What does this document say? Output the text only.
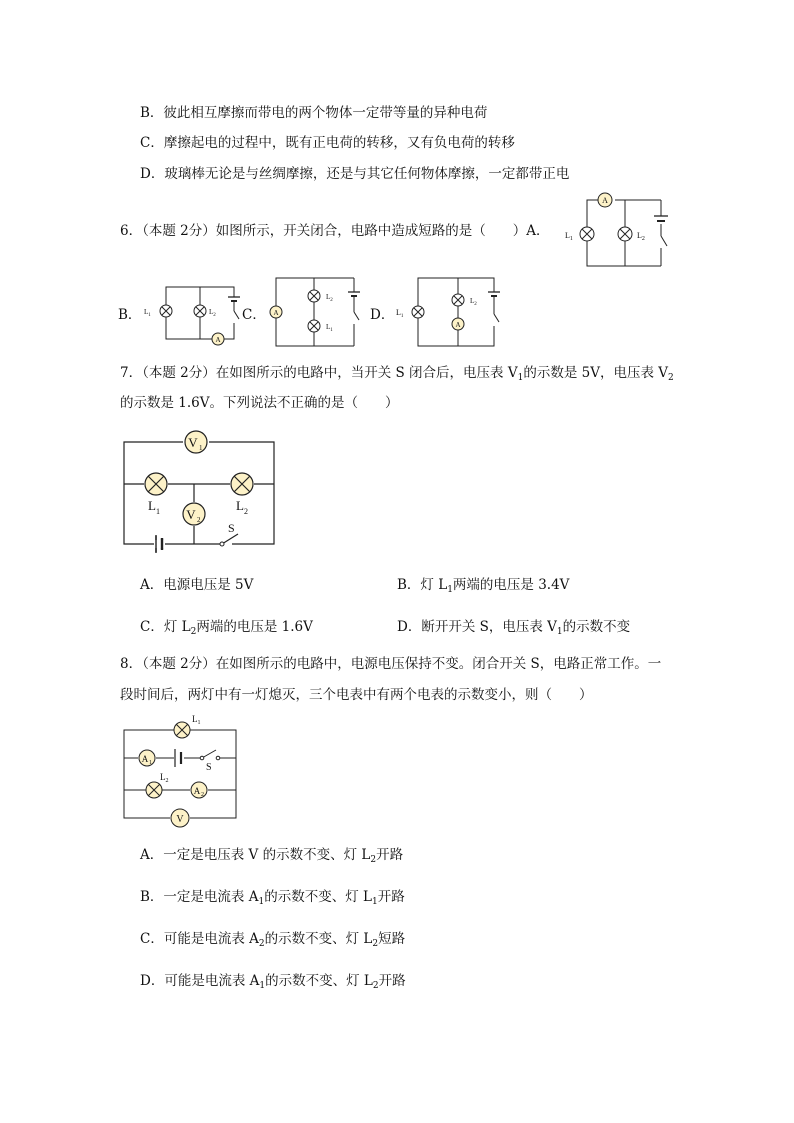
B．彼此相互摩擦而带电的两个物体一定带等量的异种电荷
C．摩擦起电的过程中，既有正电荷的转移，又有负电荷的转移
D．玻璃棒无论是与丝绸摩擦，还是与其它任何物体摩擦，一定都带正电
6．（本题 2分）如图所示，开关闭合，电路中造成短路的是（　　）A．
A
$L_1$	$L_2$
B．
A
$L_1$	$L_2$ C． A
$L_2$
$L_1$
D．
A
$L_1$
$L_2$
7．（本题 2分）在如图所示的电路中，当开关 S 闭合后，电压表 $V_1$的示数是 5V，电压表 $V_2$
的示数是 1.6V。下列说法不正确的是（　　）
V 1
V 2
$L_1$	$L_2$
S
A．电源电压是 5V	B．灯 $L_1$两端的电压是 3.4V
C．灯 $L_2$两端的电压是 1.6V	D．断开开关 S，电压表 $V_1$的示数不变
8．（本题 2分）在如图所示的电路中，电源电压保持不变。闭合开关 S，电路正常工作。一
段时间后，两灯中有一灯熄灭，三个电表中有两个电表的示数变小，则（　　）
$L_1$
A 1	S
$L_2$
A 2
V
A．一定是电压表 V 的示数不变、灯 $L_2$开路
B．一定是电流表 $A_1$的示数不变、灯 $L_1$开路
C．可能是电流表 $A_2$的示数不变、灯 $L_2$短路
D．可能是电流表 $A_1$的示数不变、灯 $L_2$开路
